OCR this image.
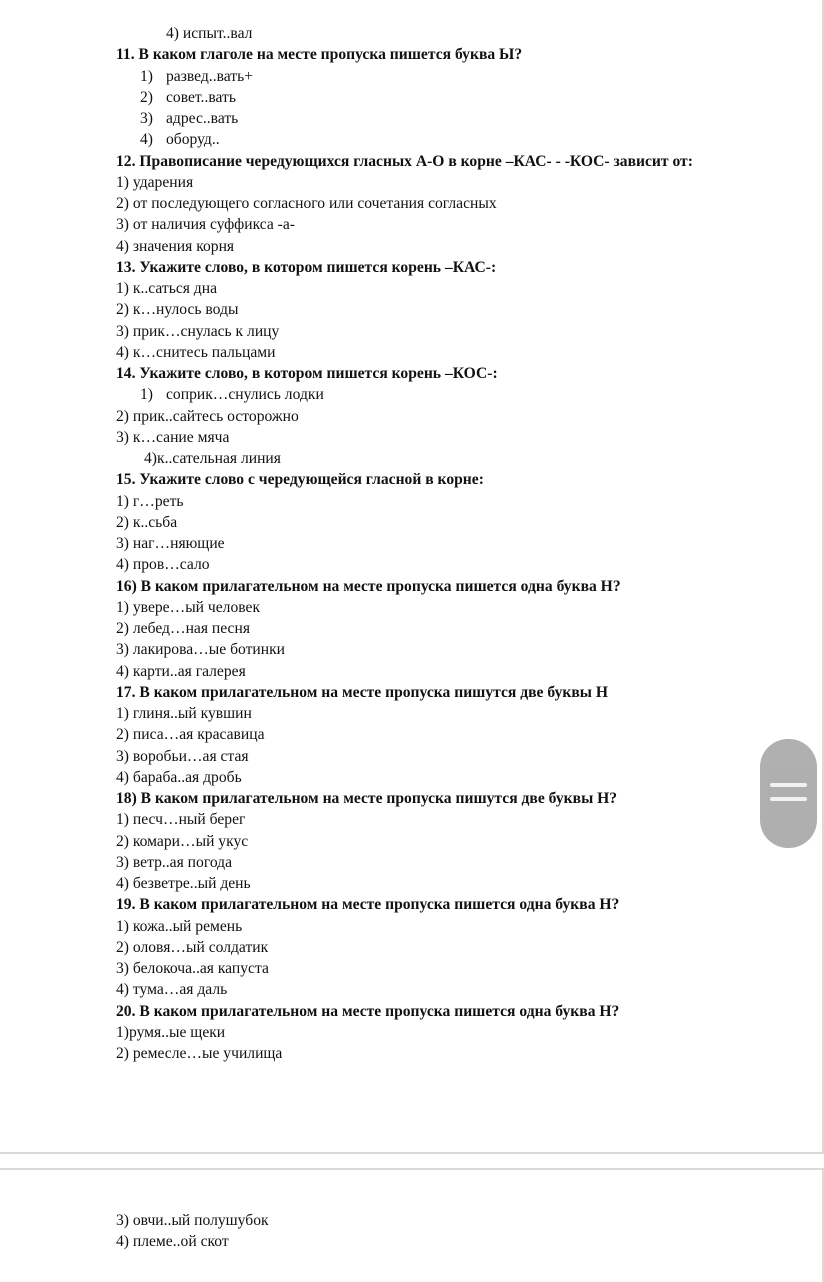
4) испыт..вал
11. В каком глаголе на месте пропуска пишется буква Ы?
1) развед..вать+
2) совет..вать
3) адрес..вать
4) оборуд..
12. Правописание чередующихся гласных А-О в корне –КАС- - -КОС- зависит от:
1) ударения
2) от последующего согласного или сочетания согласных
3) от наличия суффикса -а-
4) значения корня
13. Укажите слово, в котором пишется корень –КАС-:
1) к..саться дна
2) к…нулось воды
3) прик…снулась к лицу
4) к…снитесь пальцами
14. Укажите слово, в котором пишется корень –КОС-:
1) соприк…снулись лодки
2) прик..сайтесь осторожно
3) к…сание мяча
4)к..сательная линия
15. Укажите слово с чередующейся гласной в корне:
1) г…реть
2) к..сьба
3) наг…няющие
4) пров…сало
16) В каком прилагательном на месте пропуска пишется одна буква Н?
1) увере…ый человек
2) лебед…ная песня
3) лакирова…ые ботинки
4) карти..ая галерея
17. В каком прилагательном на месте пропуска пишутся две буквы Н
1) глиня..ый кувшин
2) писа…ая красавица
3) воробьи…ая стая
4) бараба..ая дробь
18) В каком прилагательном на месте пропуска пишутся две буквы Н?
1) песч…ный берег
2) комари…ый укус
3) ветр..ая погода
4) безветре..ый день
19. В каком прилагательном на месте пропуска пишется одна буква Н?
1) кожа..ый ремень
2) оловя…ый солдатик
3) белокоча..ая капуста
4) тума…ая даль
20. В каком прилагательном на месте пропуска пишется одна буква Н?
1)румя..ые щеки
2) ремесле…ые училища
3) овчи..ый полушубок
4) племе..ой скот
